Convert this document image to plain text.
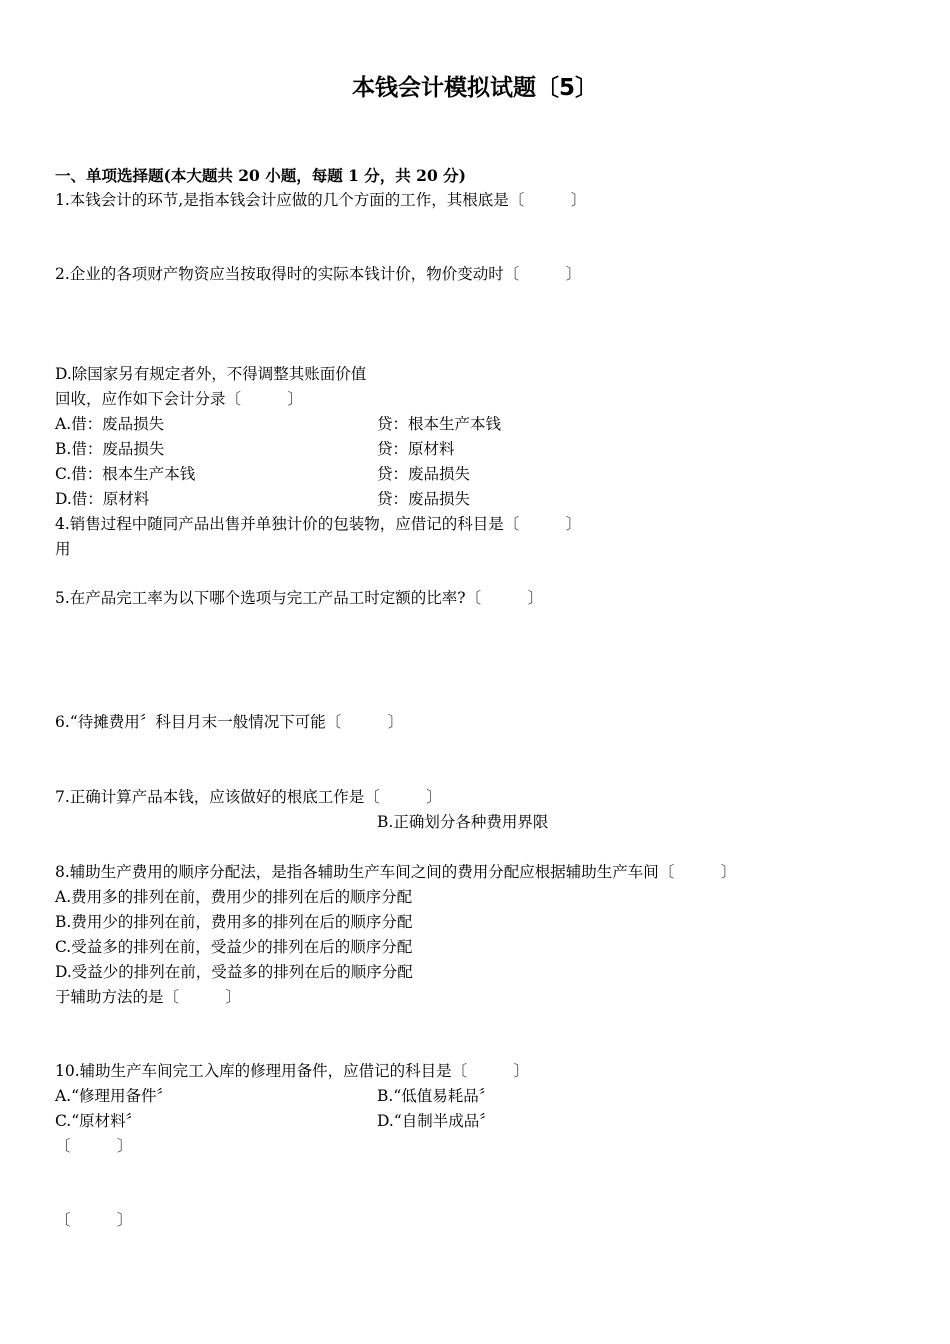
本钱会计模拟试题〔5〕
一、单项选择题(本大题共 20 小题，每题 1 分，共 20 分)
1.本钱会计的环节,是指本钱会计应做的几个方面的工作，其根底是〔　　　〕
2.企业的各项财产物资应当按取得时的实际本钱计价，物价变动时〔　　　〕
D.除国家另有规定者外，不得调整其账面价值
回收，应作如下会计分录〔　　　〕
A.借：废品损失	贷：根本生产本钱
B.借：废品损失	贷：原材料
C.借：根本生产本钱	贷：废品损失
D.借：原材料	贷：废品损失
4.销售过程中随同产品出售并单独计价的包装物，应借记的科目是〔　　　〕
用
5.在产品完工率为以下哪个选项与完工产品工时定额的比率?〔　　　〕
6.“待摊费用〞科目月末一般情况下可能〔　　　〕
7.正确计算产品本钱，应该做好的根底工作是〔　　　〕
B.正确划分各种费用界限
8.辅助生产费用的顺序分配法，是指各辅助生产车间之间的费用分配应根据辅助生产车间〔　　　〕
A.费用多的排列在前，费用少的排列在后的顺序分配
B.费用少的排列在前，费用多的排列在后的顺序分配
C.受益多的排列在前，受益少的排列在后的顺序分配
D.受益少的排列在前，受益多的排列在后的顺序分配
于辅助方法的是〔　　　〕
10.辅助生产车间完工入库的修理用备件，应借记的科目是〔　　　〕
A.“修理用备件〞	B.“低值易耗品〞
C.“原材料〞	D.“自制半成品〞
〔　　　〕
〔　　　〕
